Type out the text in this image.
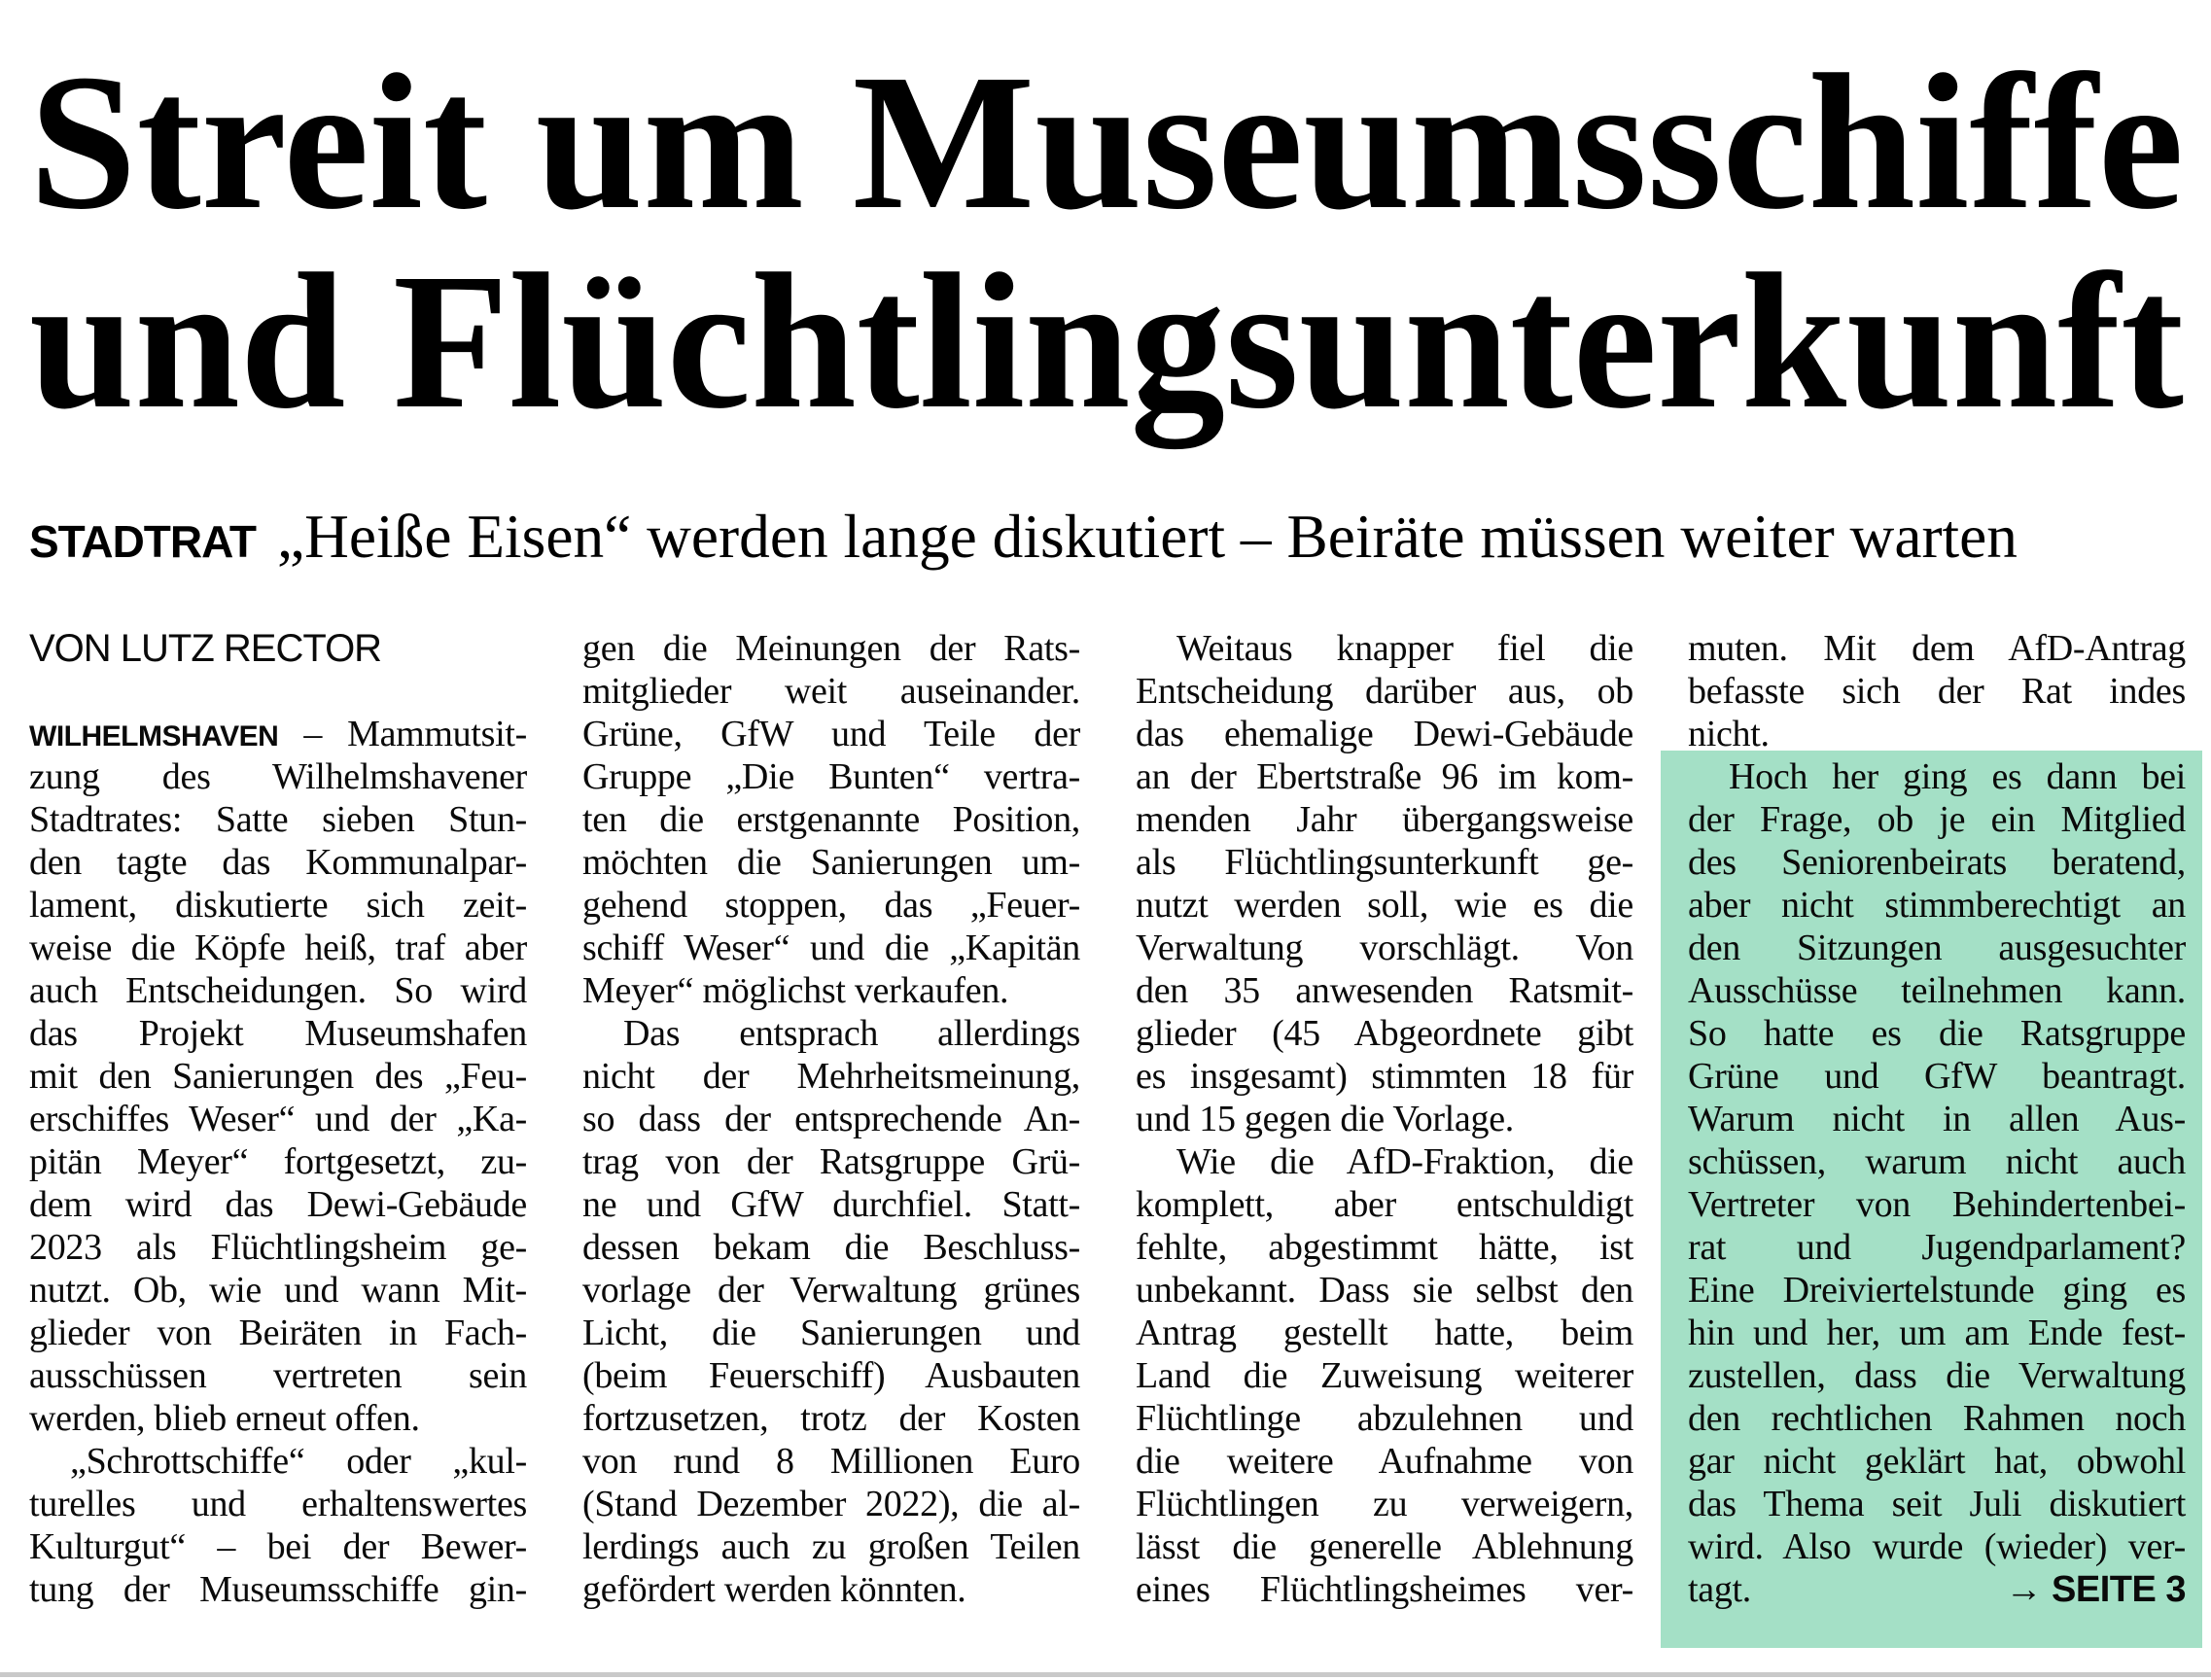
Streit um Museumsschiffe
und Flüchtlingsunterkunft
STADTRAT „Heiße Eisen“ werden lange diskutiert – Beiräte müssen weiter warten
VON LUTZ RECTOR
WILHELMSHAVEN – Mammutsit-
zung des Wilhelmshavener
Stadtrates: Satte sieben Stun-
den tagte das Kommunalpar-
lament, diskutierte sich zeit-
weise die Köpfe heiß, traf aber
auch Entscheidungen. So wird
das Projekt Museumshafen
mit den Sanierungen des „Feu-
erschiffes Weser“ und der „Ka-
pitän Meyer“ fortgesetzt, zu-
dem wird das Dewi-Gebäude
2023 als Flüchtlingsheim ge-
nutzt. Ob, wie und wann Mit-
glieder von Beiräten in Fach-
ausschüssen vertreten sein
werden, blieb erneut offen.
„Schrottschiffe“ oder „kul-
turelles und erhaltenswertes
Kulturgut“ – bei der Bewer-
tung der Museumsschiffe gin-
gen die Meinungen der Rats-
mitglieder weit auseinander.
Grüne, GfW und Teile der
Gruppe „Die Bunten“ vertra-
ten die erstgenannte Position,
möchten die Sanierungen um-
gehend stoppen, das „Feuer-
schiff Weser“ und die „Kapitän
Meyer“ möglichst verkaufen.
Das entsprach allerdings
nicht der Mehrheitsmeinung,
so dass der entsprechende An-
trag von der Ratsgruppe Grü-
ne und GfW durchfiel. Statt-
dessen bekam die Beschluss-
vorlage der Verwaltung grünes
Licht, die Sanierungen und
(beim Feuerschiff) Ausbauten
fortzusetzen, trotz der Kosten
von rund 8 Millionen Euro
(Stand Dezember 2022), die al-
lerdings auch zu großen Teilen
gefördert werden könnten.
Weitaus knapper fiel die
Entscheidung darüber aus, ob
das ehemalige Dewi-Gebäude
an der Ebertstraße 96 im kom-
menden Jahr übergangsweise
als Flüchtlingsunterkunft ge-
nutzt werden soll, wie es die
Verwaltung vorschlägt. Von
den 35 anwesenden Ratsmit-
glieder (45 Abgeordnete gibt
es insgesamt) stimmten 18 für
und 15 gegen die Vorlage.
Wie die AfD-Fraktion, die
komplett, aber entschuldigt
fehlte, abgestimmt hätte, ist
unbekannt. Dass sie selbst den
Antrag gestellt hatte, beim
Land die Zuweisung weiterer
Flüchtlinge abzulehnen und
die weitere Aufnahme von
Flüchtlingen zu verweigern,
lässt die generelle Ablehnung
eines Flüchtlingsheimes ver-
muten. Mit dem AfD-Antrag
befasste sich der Rat indes
nicht.
Hoch her ging es dann bei
der Frage, ob je ein Mitglied
des Seniorenbeirats beratend,
aber nicht stimmberechtigt an
den Sitzungen ausgesuchter
Ausschüsse teilnehmen kann.
So hatte es die Ratsgruppe
Grüne und GfW beantragt.
Warum nicht in allen Aus-
schüssen, warum nicht auch
Vertreter von Behindertenbei-
rat und Jugendparlament?
Eine Dreiviertelstunde ging es
hin und her, um am Ende fest-
zustellen, dass die Verwaltung
den rechtlichen Rahmen noch
gar nicht geklärt hat, obwohl
das Thema seit Juli diskutiert
wird. Also wurde (wieder) ver-
tagt.	→ SEITE 3
